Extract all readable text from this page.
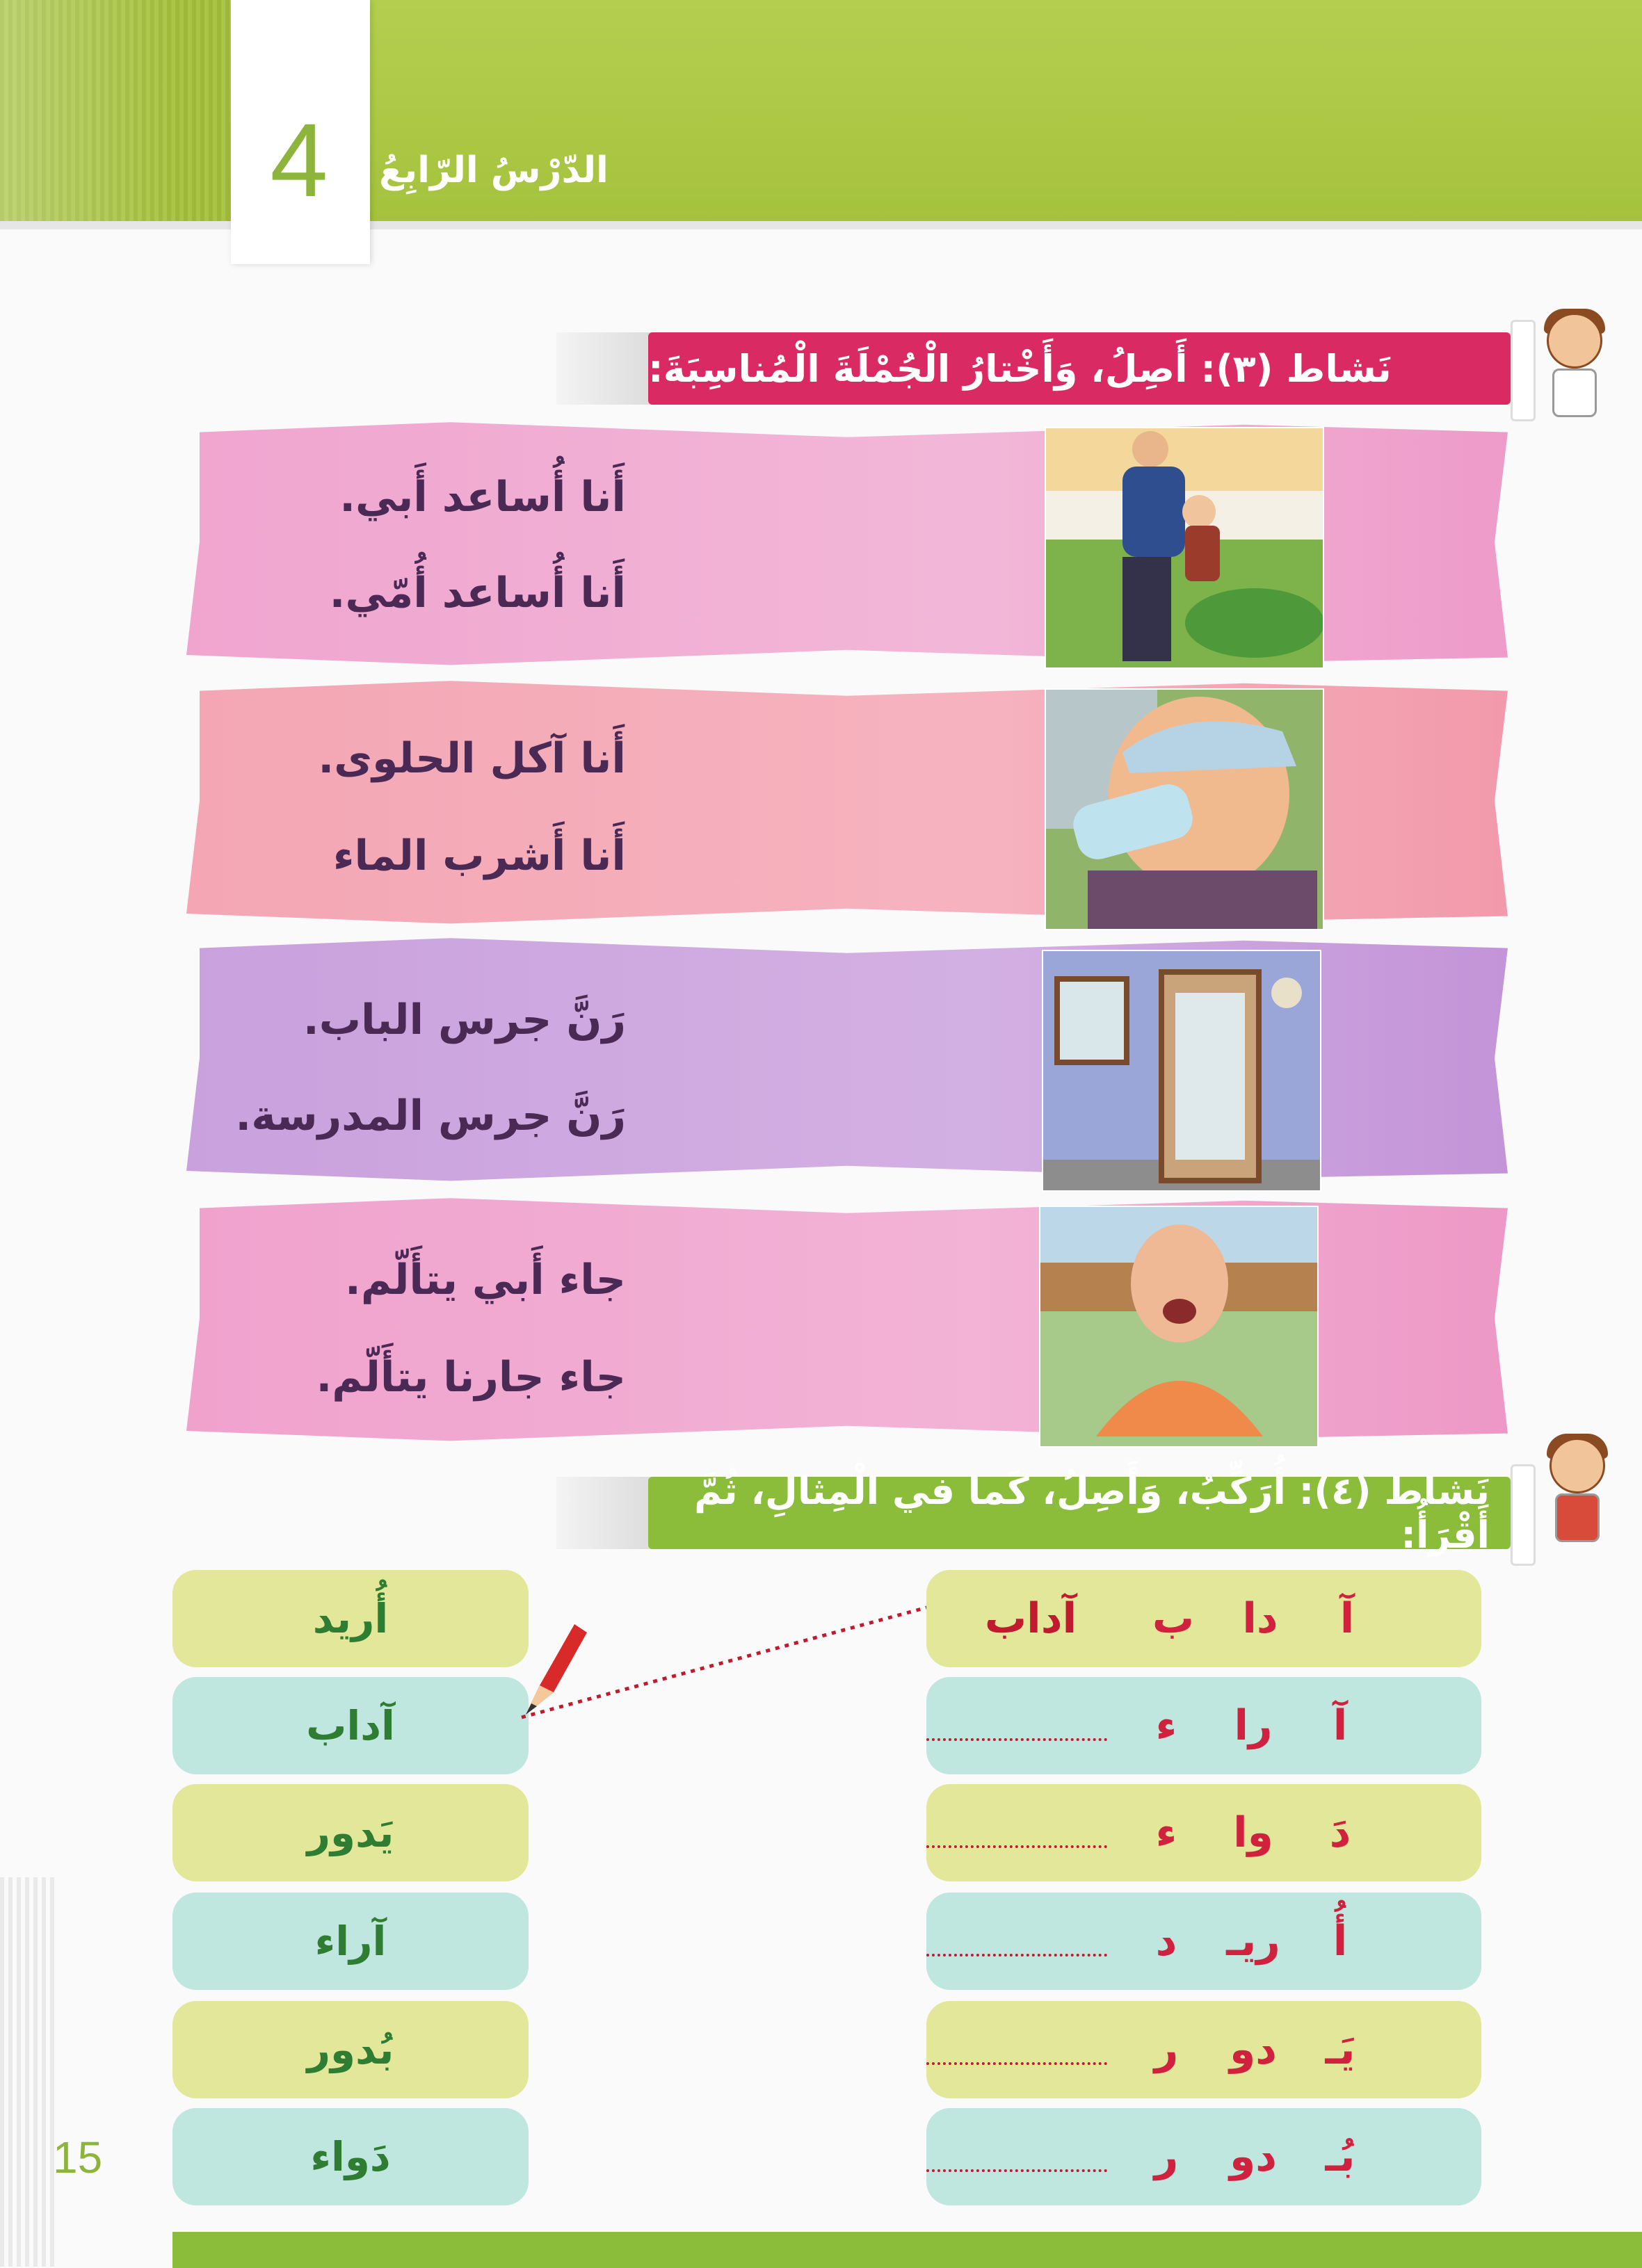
4	الدّرْسُ الرّابِعُ
نَشاط (٣): أَصِلُ، وَأَخْتارُ الْجُمْلَةَ الْمُناسِبَةَ:
أَنا أُساعد أَبي.
أَنا أُساعد أُمّي.
أَنا آكل الحلوى.
أَنا أَشرب الماء
رَنَّ جرس الباب.
رَنَّ جرس المدرسة.
جاء أَبي يتأَلّم.
جاء جارنا يتأَلّم.
نَشاط (٤): أُرَكِّبُ، وَأَصِلُ، كَما في الْمِثالِ، ثُمَّ أَقْرَأُ:
أُريد
آداب
يَدور
آراء
بُدور
دَواء
آ
دا
ب
آداب
آ
را
ء
دَ
وا
ء
أُ
ريـ
د
يَـ
دو
ر
بُـ
دو
ر
15
